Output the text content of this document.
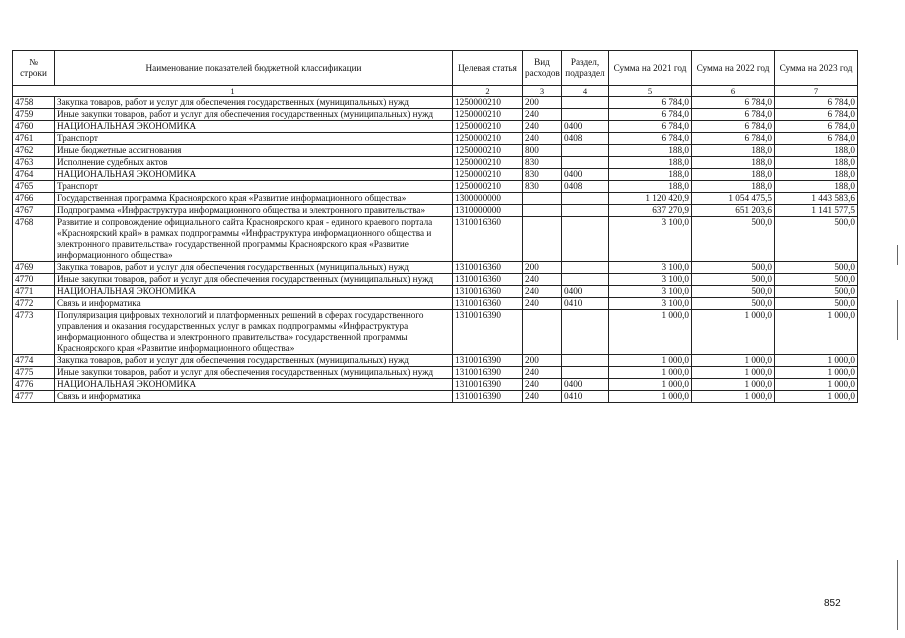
№ строки	Наименование показателей бюджетной классификации	Целевая статья	Вид расходов	Раздел, подраздел	Сумма на 2021 год	Сумма на 2022 год	Сумма на 2023 год
1		2	3	4	5	6	7
4758	Закупка товаров, работ и услуг для обеспечения государственных (муниципальных) нужд	1250000210	200		6 784,0	6 784,0	6 784,0
4759	Иные закупки товаров, работ и услуг для обеспечения государственных (муниципальных) нужд	1250000210	240		6 784,0	6 784,0	6 784,0
4760	НАЦИОНАЛЬНАЯ ЭКОНОМИКА	1250000210	240	0400	6 784,0	6 784,0	6 784,0
4761	Транспорт	1250000210	240	0408	6 784,0	6 784,0	6 784,0
4762	Иные бюджетные ассигнования	1250000210	800		188,0	188,0	188,0
4763	Исполнение судебных актов	1250000210	830		188,0	188,0	188,0
4764	НАЦИОНАЛЬНАЯ ЭКОНОМИКА	1250000210	830	0400	188,0	188,0	188,0
4765	Транспорт	1250000210	830	0408	188,0	188,0	188,0
4766	Государственная программа Красноярского края «Развитие информационного общества»	1300000000			1 120 420,9	1 054 475,5	1 443 583,6
4767	Подпрограмма «Инфраструктура информационного общества и электронного правительства»	1310000000			637 270,9	651 203,6	1 141 577,5
4768	Развитие и сопровождение официального сайта Красноярского края - единого краевого портала «Красноярский край» в рамках подпрограммы «Инфраструктура информационного общества и электронного правительства» государственной программы Красноярского края «Развитие информационного общества»	1310016360			3 100,0	500,0	500,0
4769	Закупка товаров, работ и услуг для обеспечения государственных (муниципальных) нужд	1310016360	200		3 100,0	500,0	500,0
4770	Иные закупки товаров, работ и услуг для обеспечения государственных (муниципальных) нужд	1310016360	240		3 100,0	500,0	500,0
4771	НАЦИОНАЛЬНАЯ ЭКОНОМИКА	1310016360	240	0400	3 100,0	500,0	500,0
4772	Связь и информатика	1310016360	240	0410	3 100,0	500,0	500,0
4773	Популяризация цифровых технологий и платформенных решений в сферах государственного управления и оказания государственных услуг в рамках подпрограммы «Инфраструктура информационного общества и электронного правительства» государственной программы Красноярского края «Развитие информационного общества»	1310016390			1 000,0	1 000,0	1 000,0
4774	Закупка товаров, работ и услуг для обеспечения государственных (муниципальных) нужд	1310016390	200		1 000,0	1 000,0	1 000,0
4775	Иные закупки товаров, работ и услуг для обеспечения государственных (муниципальных) нужд	1310016390	240		1 000,0	1 000,0	1 000,0
4776	НАЦИОНАЛЬНАЯ ЭКОНОМИКА	1310016390	240	0400	1 000,0	1 000,0	1 000,0
4777	Связь и информатика	1310016390	240	0410	1 000,0	1 000,0	1 000,0
852
